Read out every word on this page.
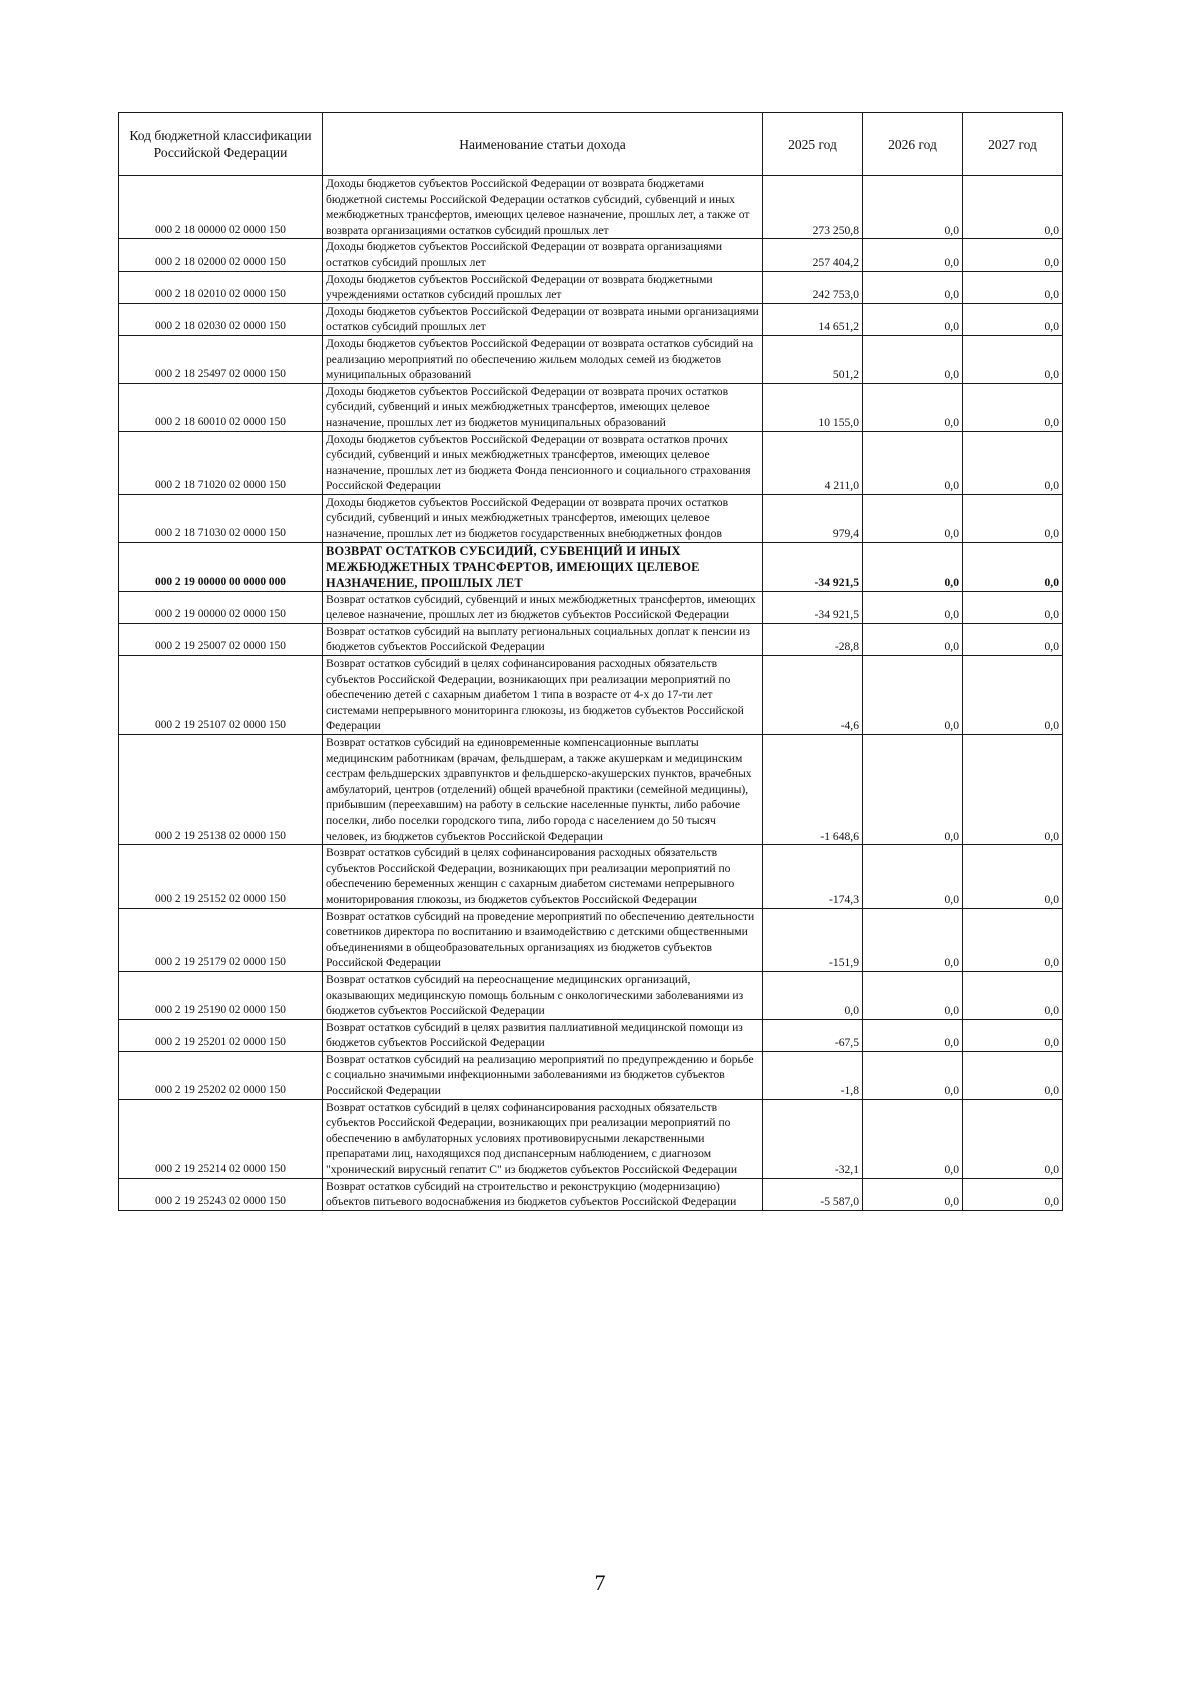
Код бюджетной классификации Российской Федерации	Наименование статьи дохода	2025 год	2026 год	2027 год
000 2 18 00000 02 0000 150	Доходы бюджетов субъектов Российской Федерации от возврата бюджетами бюджетной системы Российской Федерации остатков субсидий, субвенций и иных межбюджетных трансфертов, имеющих целевое назначение, прошлых лет, а также от возврата организациями остатков субсидий прошлых лет	273 250,8	0,0	0,0
000 2 18 02000 02 0000 150	Доходы бюджетов субъектов Российской Федерации от возврата организациями остатков субсидий прошлых лет	257 404,2	0,0	0,0
000 2 18 02010 02 0000 150	Доходы бюджетов субъектов Российской Федерации от возврата бюджетными учреждениями остатков субсидий прошлых лет	242 753,0	0,0	0,0
000 2 18 02030 02 0000 150	Доходы бюджетов субъектов Российской Федерации от возврата иными организациями остатков субсидий прошлых лет	14 651,2	0,0	0,0
000 2 18 25497 02 0000 150	Доходы бюджетов субъектов Российской Федерации от возврата остатков субсидий на реализацию мероприятий по обеспечению жильем молодых семей из бюджетов муниципальных образований	501,2	0,0	0,0
000 2 18 60010 02 0000 150	Доходы бюджетов субъектов Российской Федерации от возврата прочих остатков субсидий, субвенций и иных межбюджетных трансфертов, имеющих целевое назначение, прошлых лет из бюджетов муниципальных образований	10 155,0	0,0	0,0
000 2 18 71020 02 0000 150	Доходы бюджетов субъектов Российской Федерации от возврата остатков прочих субсидий, субвенций и иных межбюджетных трансфертов, имеющих целевое назначение, прошлых лет из бюджета Фонда пенсионного и социального страхования Российской Федерации	4 211,0	0,0	0,0
000 2 18 71030 02 0000 150	Доходы бюджетов субъектов Российской Федерации от возврата прочих остатков субсидий, субвенций и иных межбюджетных трансфертов, имеющих целевое назначение, прошлых лет из бюджетов государственных внебюджетных фондов	979,4	0,0	0,0
000 2 19 00000 00 0000 000	ВОЗВРАТ ОСТАТКОВ СУБСИДИЙ, СУБВЕНЦИЙ И ИНЫХ МЕЖБЮДЖЕТНЫХ ТРАНСФЕРТОВ, ИМЕЮЩИХ ЦЕЛЕВОЕ НАЗНАЧЕНИЕ, ПРОШЛЫХ ЛЕТ	-34 921,5	0,0	0,0
000 2 19 00000 02 0000 150	Возврат остатков субсидий, субвенций и иных межбюджетных трансфертов, имеющих целевое назначение, прошлых лет из бюджетов субъектов Российской Федерации	-34 921,5	0,0	0,0
000 2 19 25007 02 0000 150	Возврат остатков субсидий на выплату региональных социальных доплат к пенсии из бюджетов субъектов Российской Федерации	-28,8	0,0	0,0
000 2 19 25107 02 0000 150	Возврат остатков субсидий в целях софинансирования расходных обязательств субъектов Российской Федерации, возникающих при реализации мероприятий по обеспечению детей с сахарным диабетом 1 типа в возрасте от 4-х до 17-ти лет системами непрерывного мониторинга глюкозы, из бюджетов субъектов Российской Федерации	-4,6	0,0	0,0
000 2 19 25138 02 0000 150	Возврат остатков субсидий на единовременные компенсационные выплаты медицинским работникам (врачам, фельдшерам, а также акушеркам и медицинским сестрам фельдшерских здравпунктов и фельдшерско-акушерских пунктов, врачебных амбулаторий, центров (отделений) общей врачебной практики (семейной медицины), прибывшим (переехавшим) на работу в сельские населенные пункты, либо рабочие поселки, либо поселки городского типа, либо города с населением до 50 тысяч человек, из бюджетов субъектов Российской Федерации	-1 648,6	0,0	0,0
000 2 19 25152 02 0000 150	Возврат остатков субсидий в целях софинансирования расходных обязательств субъектов Российской Федерации, возникающих при реализации мероприятий по обеспечению беременных женщин с сахарным диабетом системами непрерывного мониторирования глюкозы, из бюджетов субъектов Российской Федерации	-174,3	0,0	0,0
000 2 19 25179 02 0000 150	Возврат остатков субсидий на проведение мероприятий по обеспечению деятельности советников директора по воспитанию и взаимодействию с детскими общественными объединениями в общеобразовательных организациях из бюджетов субъектов Российской Федерации	-151,9	0,0	0,0
000 2 19 25190 02 0000 150	Возврат остатков субсидий на переоснащение медицинских организаций, оказывающих медицинскую помощь больным с онкологическими заболеваниями из бюджетов субъектов Российской Федерации	0,0	0,0	0,0
000 2 19 25201 02 0000 150	Возврат остатков субсидий в целях развития паллиативной медицинской помощи из бюджетов субъектов Российской Федерации	-67,5	0,0	0,0
000 2 19 25202 02 0000 150	Возврат остатков субсидий на реализацию мероприятий по предупреждению и борьбе с социально значимыми инфекционными заболеваниями из бюджетов субъектов Российской Федерации	-1,8	0,0	0,0
000 2 19 25214 02 0000 150	Возврат остатков субсидий в целях софинансирования расходных обязательств субъектов Российской Федерации, возникающих при реализации мероприятий по обеспечению в амбулаторных условиях противовирусными лекарственными препаратами лиц, находящихся под диспансерным наблюдением, с диагнозом "хронический вирусный гепатит С" из бюджетов субъектов Российской Федерации	-32,1	0,0	0,0
000 2 19 25243 02 0000 150	Возврат остатков субсидий на строительство и реконструкцию (модернизацию) объектов питьевого водоснабжения из бюджетов субъектов Российской Федерации	-5 587,0	0,0	0,0
7
